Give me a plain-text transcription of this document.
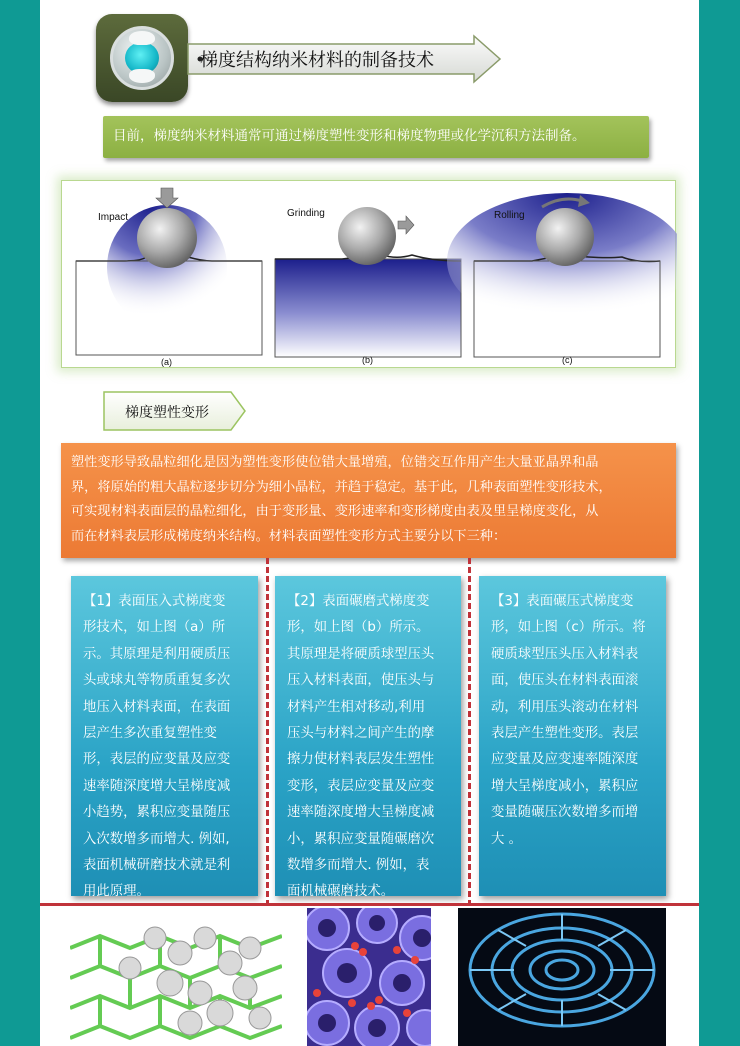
梯度结构纳米材料的制备技术
目前，梯度纳米材料通常可通过梯度塑性变形和梯度物理或化学沉积方法制备。
Impact
(a)
Grinding
(b)
Rolling
(c)
梯度塑性变形

塑性变形导致晶粒细化是因为塑性变形使位错大量增殖，位错交互作用产生大量亚晶界和晶

界，将原始的粗大晶粒逐步切分为细小晶粒，并趋于稳定。基于此，几种表面塑性变形技术，

可实现材料表面层的晶粒细化，由于变形量、变形速率和变形梯度由表及里呈梯度变化，从

而在材料表层形成梯度纳米结构。材料表面塑性变形方式主要分以下三种：

【1】表面压入式梯度变

形技术，如上图（a）所

示。其原理是利用硬质压

头或球丸等物质重复多次

地压入材料表面，在表面

层产生多次重复塑性变

形，表层的应变量及应变

速率随深度增大呈梯度减

小趋势，累积应变量随压

入次数增多而增大. 例如,

表面机械研磨技术就是利

用此原理。

【2】表面碾磨式梯度变

形，如上图（b）所示。

其原理是将硬质球型压头

压入材料表面，使压头与

材料产生相对移动,利用

压头与材料之间产生的摩

擦力使材料表层发生塑性

变形，表层应变量及应变

速率随深度增大呈梯度减

小，累积应变量随碾磨次

数增多而增大. 例如，表

面机械碾磨技术。

【3】表面碾压式梯度变

形，如上图（c）所示。将

硬质球型压头压入材料表

面，使压头在材料表面滚

动，利用压头滚动在材料

表层产生塑性变形。表层

应变量及应变速率随深度

增大呈梯度减小，累积应

变量随碾压次数增多而增

大 。
